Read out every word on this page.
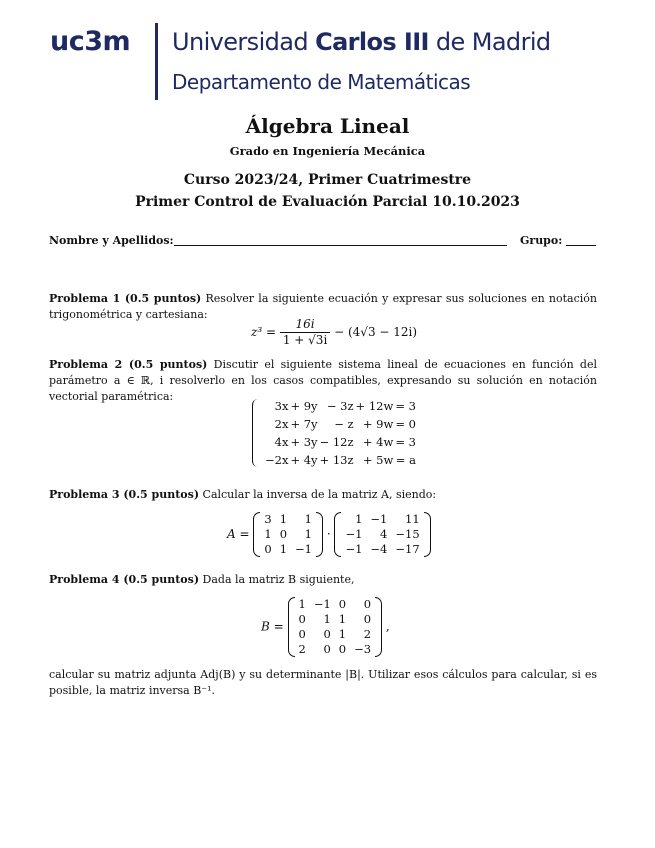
uc3m Universidad Carlos III de Madrid
Departamento de Matemáticas
Álgebra Lineal
Grado en Ingeniería Mecánica
Curso 2023/24, Primer Cuatrimestre
Primer Control de Evaluación Parcial 10.10.2023
Nombre y Apellidos:	Grupo:
Problema 1 (0.5 puntos) Resolver la siguiente ecuación y expresar sus soluciones en notación trigonométrica y cartesiana:
$z^3 = \frac{16i}{1 + √3i} - (4√3 - 12i)$
Problema 2 (0.5 puntos) Discutir el siguiente sistema lineal de ecuaciones en función del parámetro a ∈ ℝ, i resolverlo en los casos compatibles, expresando su solución en notación vectorial paramétrica:
3x	+ 9y	− 3z	+ 12w	= 3
2x	+ 7y	− z	+ 9w	= 0
4x	+ 3y	− 12z	+ 4w	= 3
−2x	+ 4y	+ 13z	+ 5w	= a
Problema 3 (0.5 puntos) Calcular la inversa de la matriz A, siendo:
A =
3	1	1
1	0	1
0	1	−1
·
1	−1	11
−1	4	−15
−1	−4	−17
Problema 4 (0.5 puntos) Dada la matriz B siguiente,
B =
1	−1	0	0
0	1	1	0
0	0	1	2
2	0	0	−3
,
calcular su matriz adjunta Adj(B) y su determinante |B|. Utilizar esos cálculos para calcular, si es posible, la matriz inversa B⁻¹.
